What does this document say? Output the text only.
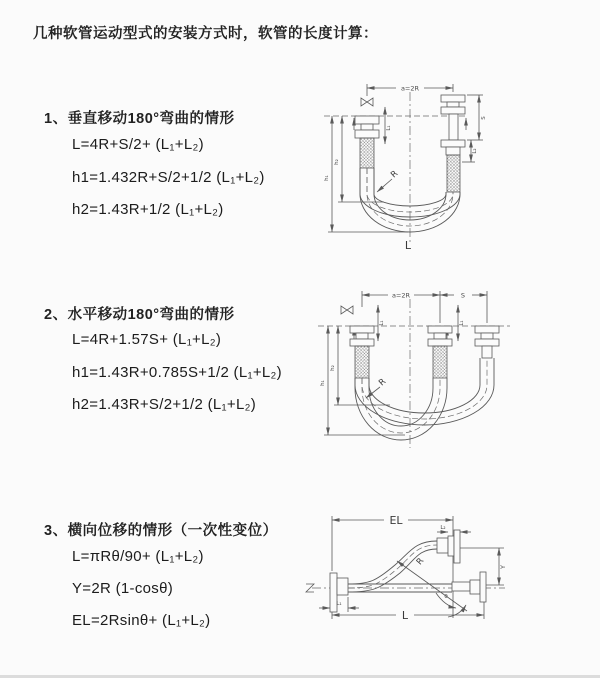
几种软管运动型式的安装方式时，软管的长度计算：
1、垂直移动180°弯曲的情形
L=4R+S/2+ (L₁+L₂)
h1=1.432R+S/2+1/2 (L₁+L₂)
h2=1.43R+1/2 (L₁+L₂)
2、水平移动180°弯曲的情形
L=4R+1.57S+ (L₁+L₂)
h1=1.43R+0.785S+1/2 (L₁+L₂)
h2=1.43R+S/2+1/2 (L₁+L₂)
3、横向位移的情形（一次性变位）
L=πRθ/90+ (L₁+L₂)
Y=2R (1-cosθ)
EL=2Rsinθ+ (L₁+L₂)
a=2R
L₁
S
L₂
h₁
h₂
R
L
a=2R	S
L₁	L₁
h₁
h₂
R
EL
L₂
R
θ
Y
L₁
L
